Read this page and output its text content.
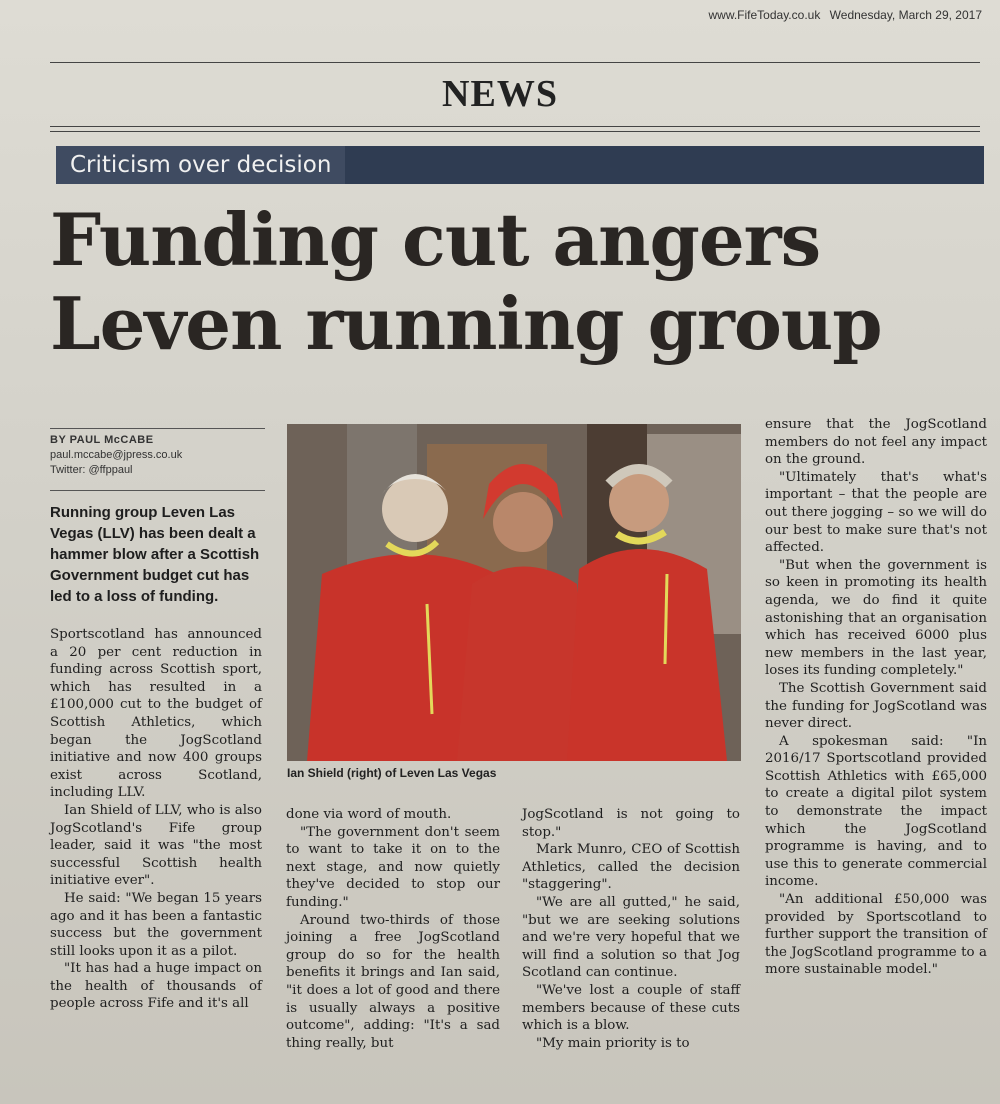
www.FifeToday.co.uk Wednesday, March 29, 2017
NEWS
Criticism over decision
Funding cut angers
Leven running group
BY PAUL McCABE
paul.mccabe@jpress.co.uk
Twitter: @ffppaul
Running group Leven Las Vegas (LLV) has been dealt a hammer blow after a Scottish Government budget cut has led to a loss of funding.
Ian Shield (right) of Leven Las Vegas

Sportscotland has announced a 20 per cent reduction in funding across Scottish sport, which has resulted in a £100,000 cut to the budget of Scottish Athletics, which began the JogScotland initiative and now 400 groups exist across Scotland, including LLV.

Ian Shield of LLV, who is also JogScotland's Fife group leader, said it was "the most successful Scottish health initiative ever".

He said: "We began 15 years ago and it has been a fantastic success but the government still looks upon it as a pilot.

"It has had a huge impact on the health of thousands of people across Fife and it's all

done via word of mouth.

"The government don't seem to want to take it on to the next stage, and now quietly they've decided to stop our funding."

Around two-thirds of those joining a free JogScotland group do so for the health benefits it brings and Ian said, "it does a lot of good and there is usually always a positive outcome", adding: "It's a sad thing really, but

JogScotland is not going to stop."

Mark Munro, CEO of Scottish Athletics, called the decision "staggering".

"We are all gutted," he said, "but we are seeking solutions and we're very hopeful that we will find a solution so that Jog Scotland can continue.

"We've lost a couple of staff members because of these cuts which is a blow.

"My main priority is to

ensure that the JogScotland members do not feel any impact on the ground.

"Ultimately that's what's important – that the people are out there jogging – so we will do our best to make sure that's not affected.

"But when the government is so keen in promoting its health agenda, we do find it quite astonishing that an organisation which has received 6000 plus new members in the last year, loses its funding completely."

The Scottish Government said the funding for JogScotland was never direct.

A spokesman said: "In 2016/17 Sportscotland provided Scottish Athletics with £65,000 to create a digital pilot system to demonstrate the impact which the JogScotland programme is having, and to use this to generate commercial income.

"An additional £50,000 was provided by Sportscotland to further support the transition of the JogScotland programme to a more sustainable model."
